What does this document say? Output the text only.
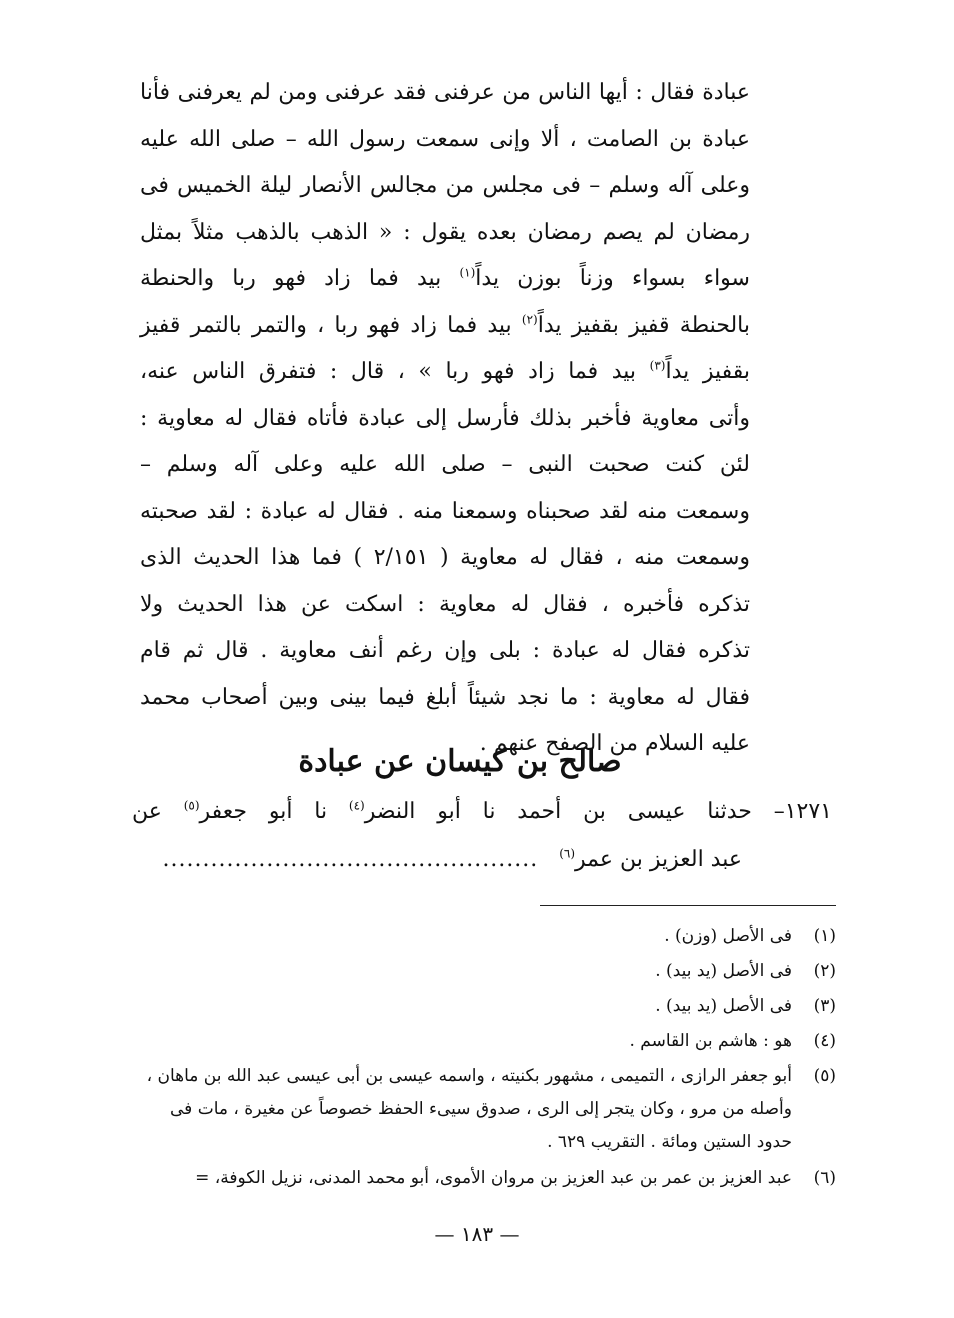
عبادة فقال : أيها الناس من عرفنى فقد عرفنى ومن لم يعرفنى فأنا
عبادة بن الصامت ، ألا وإنى سمعت رسول الله – صلى الله عليه
وعلى آله وسلم – فى مجلس من مجالس الأنصار ليلة الخميس فى
رمضان لم يصم رمضان بعده يقول : « الذهب بالذهب مثلاً بمثل
سواء بسواء وزناً بوزن يداً$^{(١)}$ بيد فما زاد فهو ربا والحنطة
بالحنطة قفيز بقفيز يداً$^{(٢)}$ بيد فما زاد فهو ربا ، والتمر بالتمر قفيز
بقفيز يداً$^{(٣)}$ بيد فما زاد فهو ربا » ، قال : فتفرق الناس عنه،
وأتى معاوية فأخبر بذلك فأرسل إلى عبادة فأتاه فقال له معاوية :
لئن كنت صحبت النبى – صلى الله عليه وعلى آله وسلم –
وسمعت منه لقد صحبناه وسمعنا منه . فقال له عبادة : لقد صحبته
وسمعت منه ، فقال له معاوية ( ٢/١٥١ ) فما هذا الحديث الذى
تذكره فأخبره ، فقال له معاوية : اسكت عن هذا الحديث ولا
تذكره فقال له عبادة : بلى وإن رغم أنف معاوية . قال ثم قام
فقال له معاوية : ما نجد شيئاً أبلغ فيما بينى وبين أصحاب محمد
عليه السلام من الصفح عنهم .
صالح بن كيسان عن عبادة
١٢٧١– حدثنا عيسى بن أحمد نا أبو النضر$^{(٤)}$ نا أبو جعفر$^{(٥)}$ عن
عبد العزيز بن عمر$^{(٦)}$   ...............................................
(١)
فى الأصل (وزن) .
(٢)
فى الأصل (يد بيد) .
(٣)
فى الأصل (يد بيد) .
(٤)
هو : هاشم بن القاسم .
(٥)
أبو جعفر الرازى ، التميمى ، مشهور بكنيته ، واسمه عيسى بن أبى عيسى عبد الله بن ماهان ، وأصله من مرو ، وكان يتجر إلى الرى ، صدوق سيىء الحفظ خصوصاً عن مغيرة ، مات فى حدود الستين ومائة . التقريب ٦٢٩ .
(٦)
عبد العزيز بن عمر بن عبد العزيز بن مروان الأموى، أبو محمد المدنى، نزيل الكوفة، =
— ١٨٣ —
